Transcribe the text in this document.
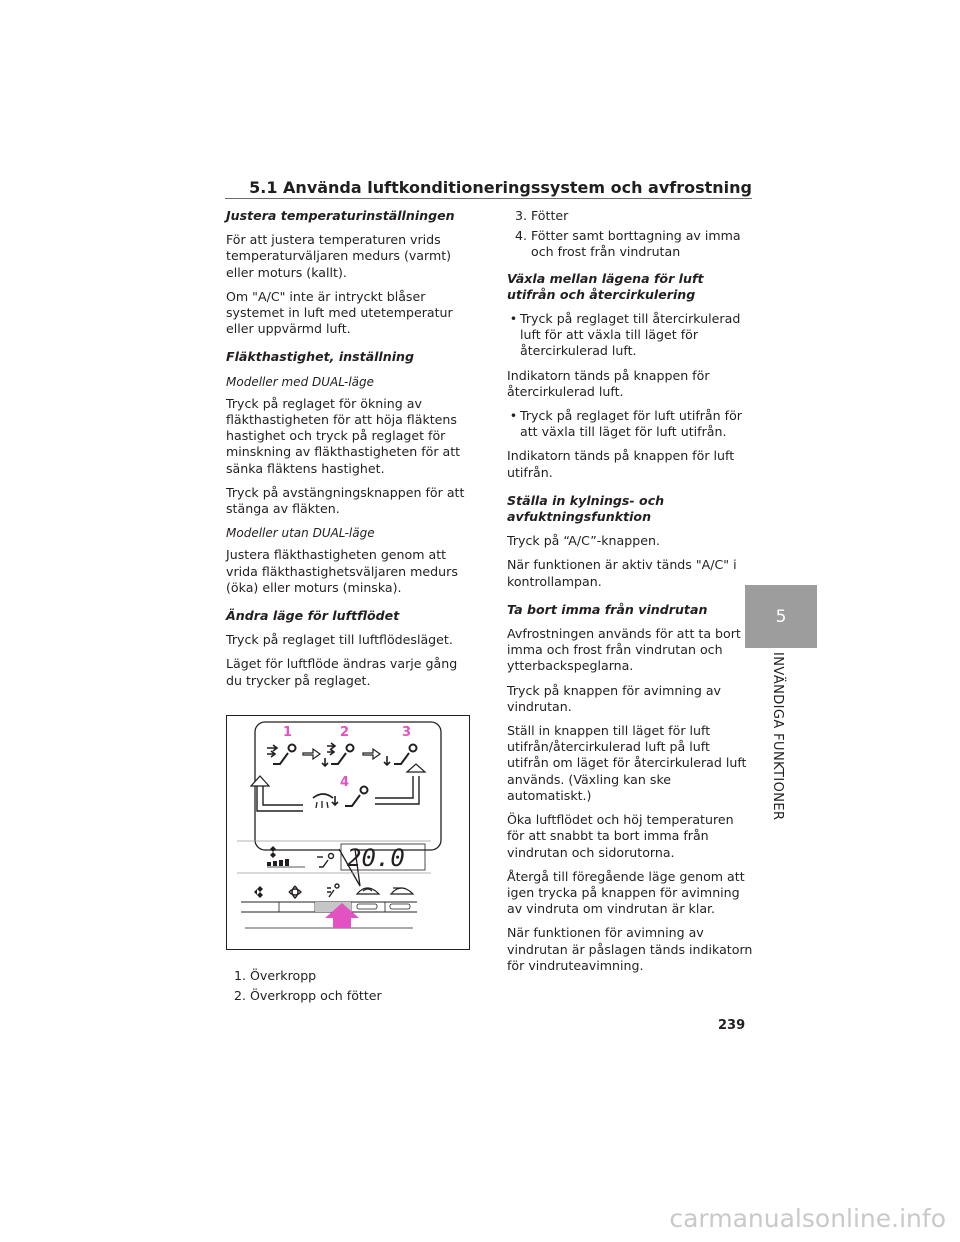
5.1 Använda luftkonditioneringssystem och avfrostning
Justera temperaturinställningen

För att justera temperaturen vrids temperaturväljaren medurs (varmt) eller moturs (kallt).

Om "A/C" inte är intryckt blåser systemet in luft med utetemperatur eller uppvärmd luft.

Fläkthastighet, inställning
Modeller med DUAL-läge

Tryck på reglaget för ökning av fläkthastigheten för att höja fläktens hastighet och tryck på reglaget för minskning av fläkthastigheten för att sänka fläktens hastighet.

Tryck på avstängningsknappen för att stänga av fläkten.

Modeller utan DUAL-läge

Justera fläkthastigheten genom att vrida fläkthastighetsväljaren medurs (öka) eller moturs (minska).

Ändra läge för luftflödet

Tryck på reglaget till luftflödesläget.

Läget för luftflöde ändras varje gång du trycker på reglaget.

1	2	3
4
20.0
1. Överkropp
2. Överkropp och fötter
3. Fötter
4. Fötter samt borttagning av imma och frost från vindrutan
Växla mellan lägena för luft utifrån och återcirkulering
• Tryck på reglaget till återcirkulerad luft för att växla till läget för återcirkulerad luft.

Indikatorn tänds på knappen för återcirkulerad luft.

• Tryck på reglaget för luft utifrån för att växla till läget för luft utifrån.

Indikatorn tänds på knappen för luft utifrån.

Ställa in kylnings- och avfuktningsfunktion

Tryck på “A/C”-knappen.

När funktionen är aktiv tänds "A/C" i kontrollampan.

Ta bort imma från vindrutan

Avfrostningen används för att ta bort imma och frost från vindrutan och ytterbackspeglarna.

Tryck på knappen för avimning av vindrutan.

Ställ in knappen till läget för luft utifrån/återcirkulerad luft på luft utifrån om läget för återcirkulerad luft används. (Växling kan ske automatiskt.)

Öka luftflödet och höj temperaturen för att snabbt ta bort imma från vindrutan och sidorutorna.

Återgå till föregående läge genom att igen trycka på knappen för avimning av vindruta om vindrutan är klar.

När funktionen för avimning av vindrutan är påslagen tänds indikatorn för vindruteavimning.

5
INVÄNDIGA FUNKTIONER
239
carmanualsonline.info
